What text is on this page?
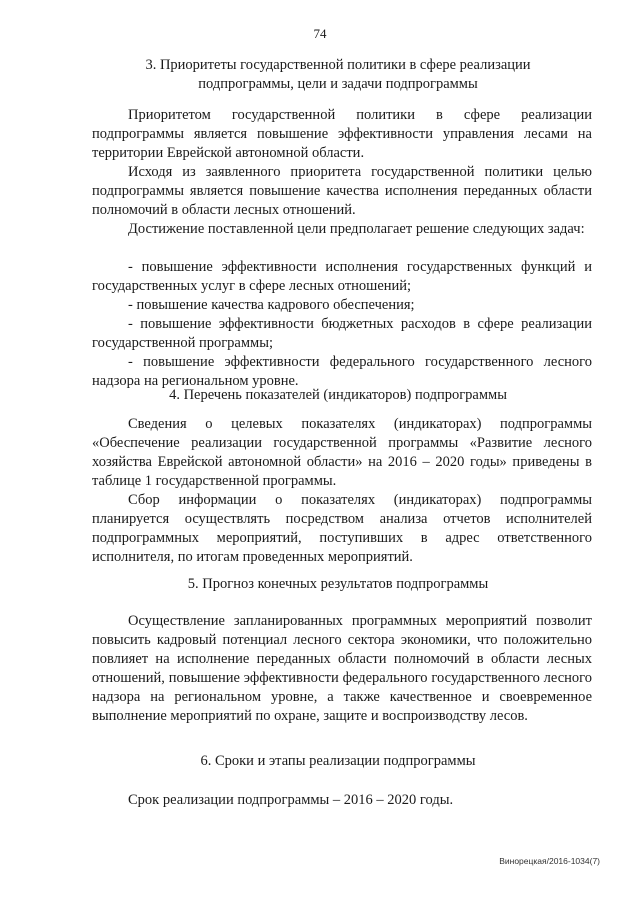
74
3. Приоритеты государственной политики в сфере реализации
подпрограммы, цели и задачи подпрограммы

Приоритетом государственной политики в сфере реализации подпрограммы является повышение эффективности управления лесами на территории Еврейской автономной области.

Исходя из заявленного приоритета государственной политики целью подпрограммы является повышение качества исполнения переданных области полномочий в области лесных отношений.

Достижение поставленной цели предполагает решение следующих задач:

- повышение эффективности исполнения государственных функций и государственных услуг в сфере лесных отношений;
- повышение качества кадрового обеспечения;
- повышение эффективности бюджетных расходов в сфере реализации государственной программы;
- повышение эффективности федерального государственного лесного надзора на региональном уровне.
4. Перечень показателей (индикаторов) подпрограммы

Сведения о целевых показателях (индикаторах) подпрограммы «Обеспечение реализации государственной программы «Развитие лесного хозяйства Еврейской автономной области» на 2016 – 2020 годы» приведены в таблице 1 государственной программы.

Сбор информации о показателях (индикаторах) подпрограммы планируется осуществлять посредством анализа отчетов исполнителей подпрограммных мероприятий, поступивших в адрес ответственного исполнителя, по итогам проведенных мероприятий.

5. Прогноз конечных результатов подпрограммы

Осуществление запланированных программных мероприятий позволит повысить кадровый потенциал лесного сектора экономики, что положительно повлияет на исполнение переданных области полномочий в области лесных отношений, повышение эффективности федерального государственного лесного надзора на региональном уровне, а также качественное и своевременное выполнение мероприятий по охране, защите и воспроизводству лесов.

6. Сроки и этапы реализации подпрограммы

Срок реализации подпрограммы – 2016 – 2020 годы.

Винорецкая/2016-1034(7)
